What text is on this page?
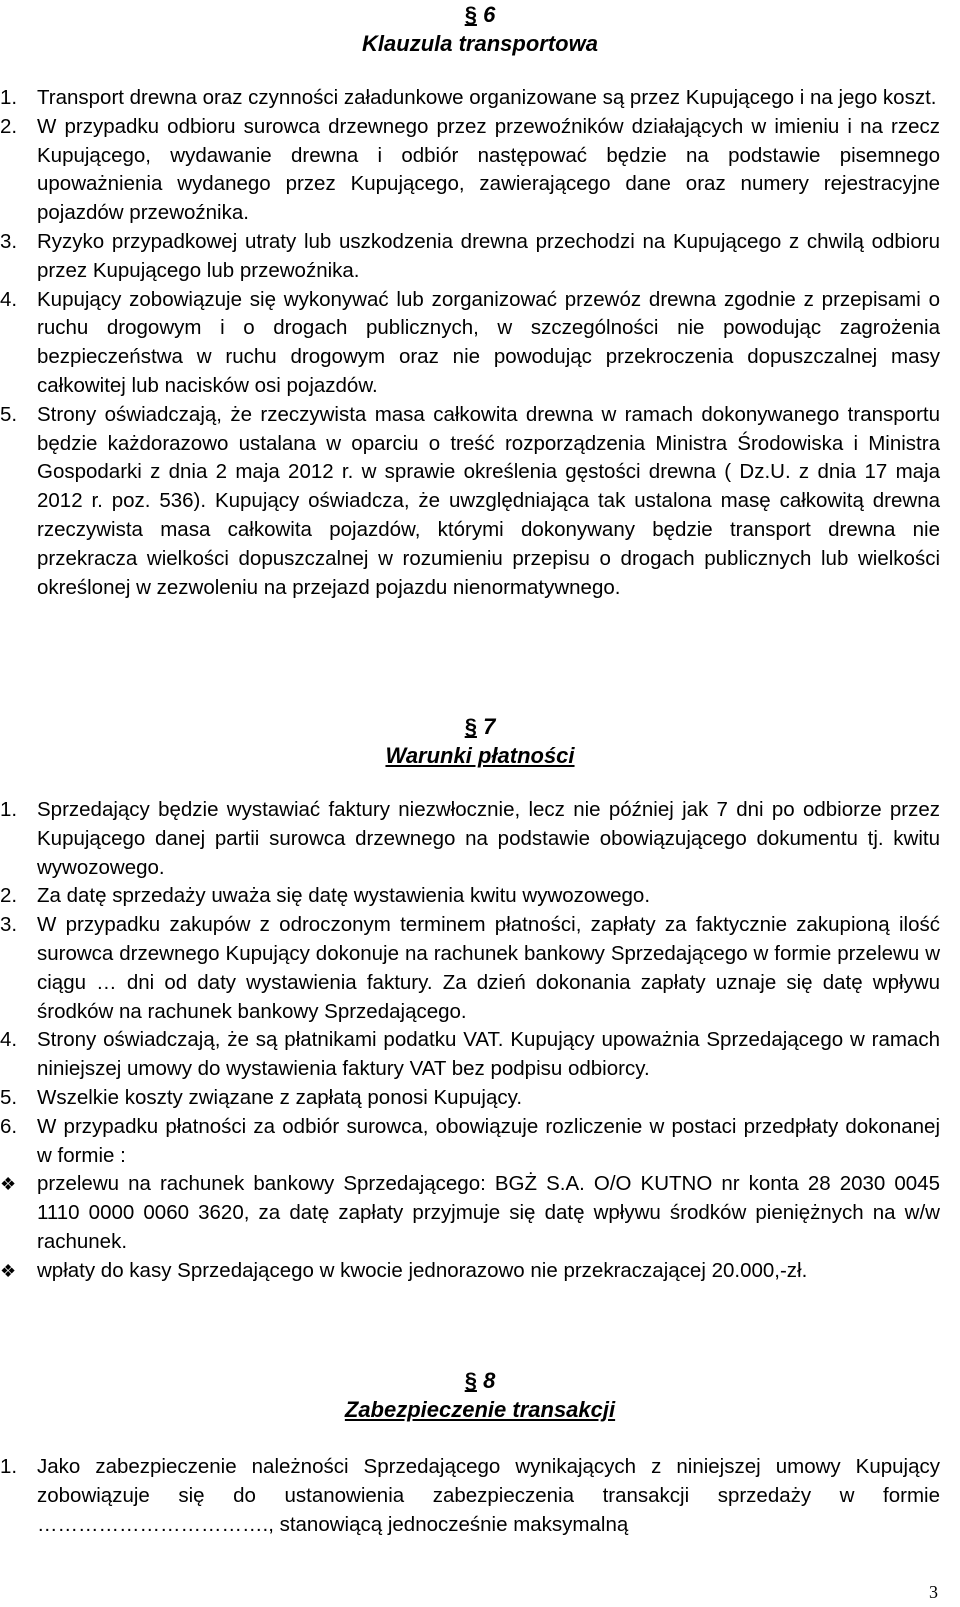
§ 6
Klauzula transportowa
1. Transport drewna oraz czynności załadunkowe organizowane są przez Kupującego i na jego koszt.
2. W przypadku odbioru surowca drzewnego przez przewoźników działających w imieniu i na rzecz Kupującego, wydawanie drewna i odbiór następować będzie na podstawie pisemnego upoważnienia wydanego przez Kupującego, zawierającego dane oraz numery rejestracyjne pojazdów przewoźnika.
3. Ryzyko przypadkowej utraty lub uszkodzenia drewna przechodzi na Kupującego z chwilą odbioru przez Kupującego lub przewoźnika.
4. Kupujący zobowiązuje się wykonywać lub zorganizować przewóz drewna zgodnie z przepisami o ruchu drogowym i o drogach publicznych, w szczególności nie powodując zagrożenia bezpieczeństwa w ruchu drogowym oraz nie powodując przekroczenia dopuszczalnej masy całkowitej lub nacisków osi pojazdów.
5. Strony oświadczają, że rzeczywista masa całkowita drewna w ramach dokonywanego transportu będzie każdorazowo ustalana w oparciu o treść rozporządzenia Ministra Środowiska i Ministra Gospodarki z dnia 2 maja 2012 r. w sprawie określenia gęstości drewna ( Dz.U. z dnia 17 maja 2012 r. poz. 536). Kupujący oświadcza, że uwzględniająca tak ustalona masę całkowitą drewna rzeczywista masa całkowita pojazdów, którymi dokonywany będzie transport drewna nie przekracza wielkości dopuszczalnej w rozumieniu przepisu o drogach publicznych lub wielkości określonej w zezwoleniu na przejazd pojazdu nienormatywnego.
§ 7
Warunki płatności
1. Sprzedający będzie wystawiać faktury niezwłocznie, lecz nie później jak 7 dni po odbiorze przez Kupującego danej partii surowca drzewnego na podstawie obowiązującego dokumentu tj. kwitu wywozowego.
2. Za datę sprzedaży uważa się datę wystawienia kwitu wywozowego.
3. W przypadku zakupów z odroczonym terminem płatności, zapłaty za faktycznie zakupioną ilość surowca drzewnego Kupujący dokonuje na rachunek bankowy Sprzedającego w formie przelewu w ciągu … dni od daty wystawienia faktury. Za dzień dokonania zapłaty uznaje się datę wpływu środków na rachunek bankowy Sprzedającego.
4. Strony oświadczają, że są płatnikami podatku VAT. Kupujący upoważnia Sprzedającego w ramach niniejszej umowy do wystawienia faktury VAT bez podpisu odbiorcy.
5. Wszelkie koszty związane z zapłatą ponosi Kupujący.
6. W przypadku płatności za odbiór surowca, obowiązuje rozliczenie w postaci przedpłaty dokonanej w formie :
❖ przelewu na rachunek bankowy Sprzedającego: BGŻ S.A. O/O KUTNO nr konta 28 2030 0045 1110 0000 0060 3620, za datę zapłaty przyjmuje się datę wpływu środków pieniężnych na w/w rachunek.
❖ wpłaty do kasy Sprzedającego w kwocie jednorazowo nie przekraczającej 20.000,-zł.
§ 8
Zabezpieczenie transakcji
1. Jako zabezpieczenie należności Sprzedającego wynikających z niniejszej umowy Kupujący zobowiązuje się do ustanowienia zabezpieczenia transakcji sprzedaży w formie ……………………………., stanowiącą jednocześnie maksymalną
3
